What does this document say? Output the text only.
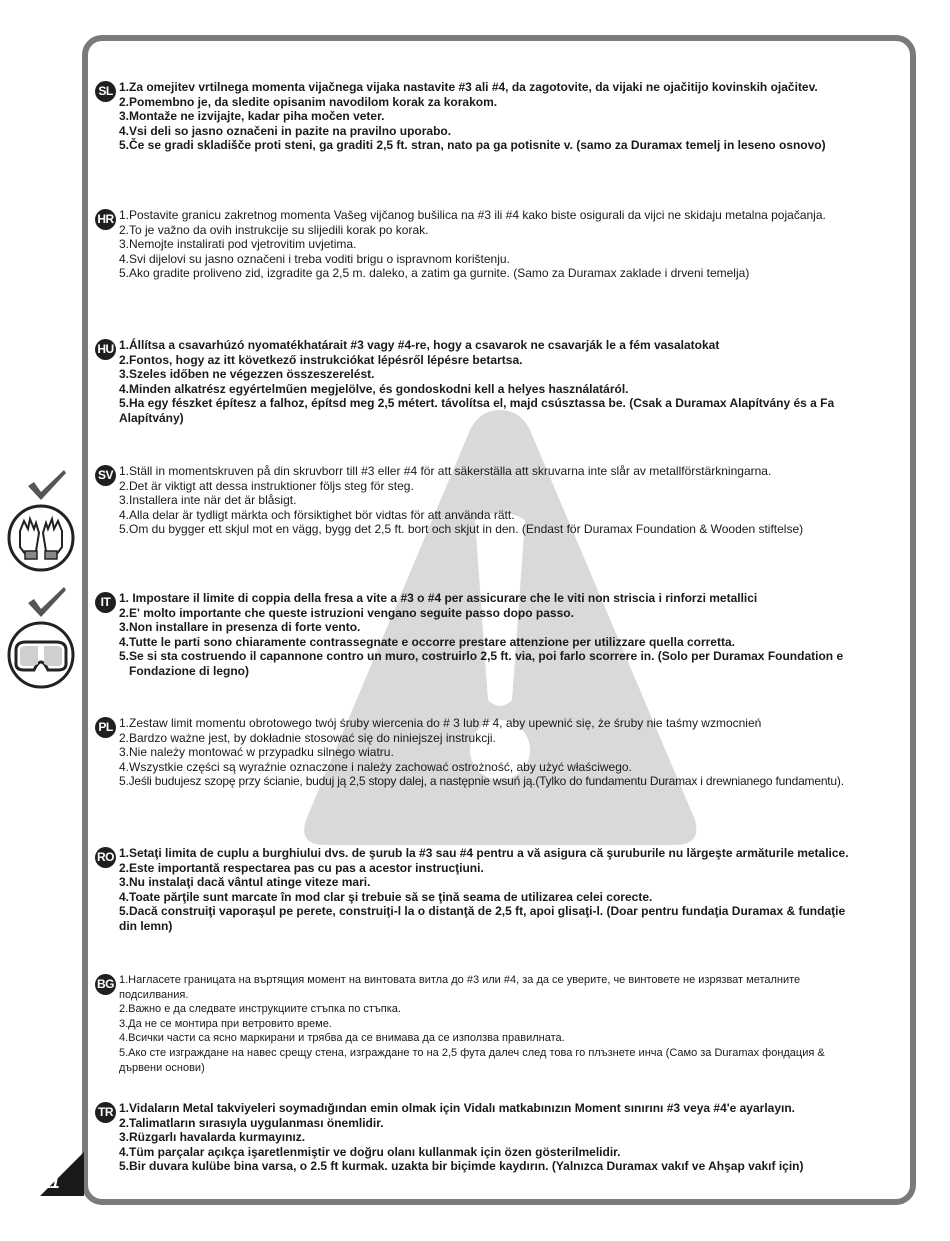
SL 1.Za omejitev vrtilnega momenta vijačnega vijaka nastavite #3 ali #4, da zagotovite, da vijaki ne ojačitijo kovinskih ojačitev.
2.Pomembno je, da sledite opisanim navodilom korak za korakom.
3.Montaže ne izvijajte, kadar piha močen veter.
4.Vsi deli so jasno označeni in pazite na pravilno uporabo.
5.Če se gradi skladišče proti steni, ga graditi 2,5 ft. stran, nato pa ga potisnite v. (samo za Duramax temelj in leseno osnovo)
HR 1.Postavite granicu zakretnog momenta Vašeg vijčanog bušilica na #3 ili #4 kako biste osigurali da vijci ne skidaju metalna pojačanja.
2.To je važno da ovih instrukcije su slijedili korak po korak.
3.Nemojte instalirati pod vjetrovitim uvjetima.
4.Svi dijelovi su jasno označeni i treba voditi brigu o ispravnom korištenju.
5.Ako gradite proliveno zid, izgradite ga 2,5 m. daleko, a zatim ga gurnite. (Samo za Duramax zaklade i drveni temelja)
HU 1.Állítsa a csavarhúzó nyomatékhatárait #3 vagy #4-re, hogy a csavarok ne csavarják le a fém vasalatokat
2.Fontos, hogy az itt következő instrukciókat lépésről lépésre betartsa.
3.Szeles időben ne végezzen összeszerelést.
4.Minden alkatrész egyértelműen megjelölve, és gondoskodni kell a helyes használatáról.
5.Ha egy fészket építesz a falhoz, építsd meg 2,5 métert. távolítsa el, majd csúsztassa be. (Csak a Duramax Alapítvány és a Fa
Alapítvány)
SV 1.Ställ in momentskruven på din skruvborr till #3 eller #4 för att säkerställa att skruvarna inte slår av metallförstärkningarna.
2.Det är viktigt att dessa instruktioner följs steg för steg.
3.Installera inte när det är blåsigt.
4.Alla delar är tydligt märkta och försiktighet bör vidtas för att använda rätt.
5.Om du bygger ett skjul mot en vägg, bygg det 2,5 ft. bort och skjut in den. (Endast för Duramax Foundation & Wooden stiftelse)
IT 1. Impostare il limite di coppia della fresa a vite a #3 o #4 per assicurare che le viti non striscia i rinforzi metallici
2.E' molto importante che queste istruzioni vengano seguite passo dopo passo.
3.Non installare in presenza di forte vento.
4.Tutte le parti sono chiaramente contrassegnate e occorre prestare attenzione per utilizzare quella corretta.
5.Se si sta costruendo il capannone contro un muro, costruirlo 2,5 ft. via, poi farlo scorrere in. (Solo per Duramax Foundation e
Fondazione di legno)
PL 1.Zestaw limit momentu obrotowego twój śruby wiercenia do # 3 lub # 4, aby upewnić się, że śruby nie taśmy wzmocnień
2.Bardzo ważne jest, by dokładnie stosować się do niniejszej instrukcji.
3.Nie należy montować w przypadku silnego wiatru.
4.Wszystkie części są wyraźnie oznaczone i należy zachować ostrożność, aby użyć właściwego.
5.Jeśli budujesz szopę przy ścianie, buduj ją 2,5 stopy dalej, a następnie wsuń ją.(Tylko do fundamentu Duramax i drewnianego fundamentu).
RO 1.Setaţi limita de cuplu a burghiului dvs. de şurub la #3 sau #4 pentru a vă asigura că şuruburile nu lărgeşte armăturile metalice.
2.Este importantă respectarea pas cu pas a acestor instrucţiuni.
3.Nu instalaţi dacă vântul atinge viteze mari.
4.Toate părţile sunt marcate în mod clar şi trebuie să se ţină seama de utilizarea celei corecte.
5.Dacă construiţi vaporaşul pe perete, construiţi-l la o distanţă de 2,5 ft, apoi glisaţi-l. (Doar pentru fundaţia Duramax & fundaţie
din lemn)
BG 1.Нагласете границата на въртящия момент на винтовата витла до #3 или #4, за да се уверите, че винтовете не изрязват металните
подсилвания.
2.Важно е да следвате инструкциите стъпка по стъпка.
3.Да не се монтира при ветровито време.
4.Всички части са ясно маркирани и трябва да се внимава да се използва правилната.
5.Ако сте изграждане на навес срещу стена, изграждане то на 2,5 фута далеч след това го плъзнете инча (Само за Duramax фондация &
дървени основи)
TR 1.Vidaların Metal takviyeleri soymadığından emin olmak için Vidalı matkabınızın Moment sınırını #3 veya #4'e ayarlayın.
2.Talimatların sırasıyla uygulanması önemlidir.
3.Rüzgarlı havalarda kurmayınız.
4.Tüm parçalar açıkça işaretlenmiştir ve doğru olanı kullanmak için özen gösterilmelidir.
5.Bir duvara kulübe bina varsa, o 2.5 ft kurmak. uzakta bir biçimde kaydırın. (Yalnızca Duramax vakıf ve Ahşap vakıf için)
11
